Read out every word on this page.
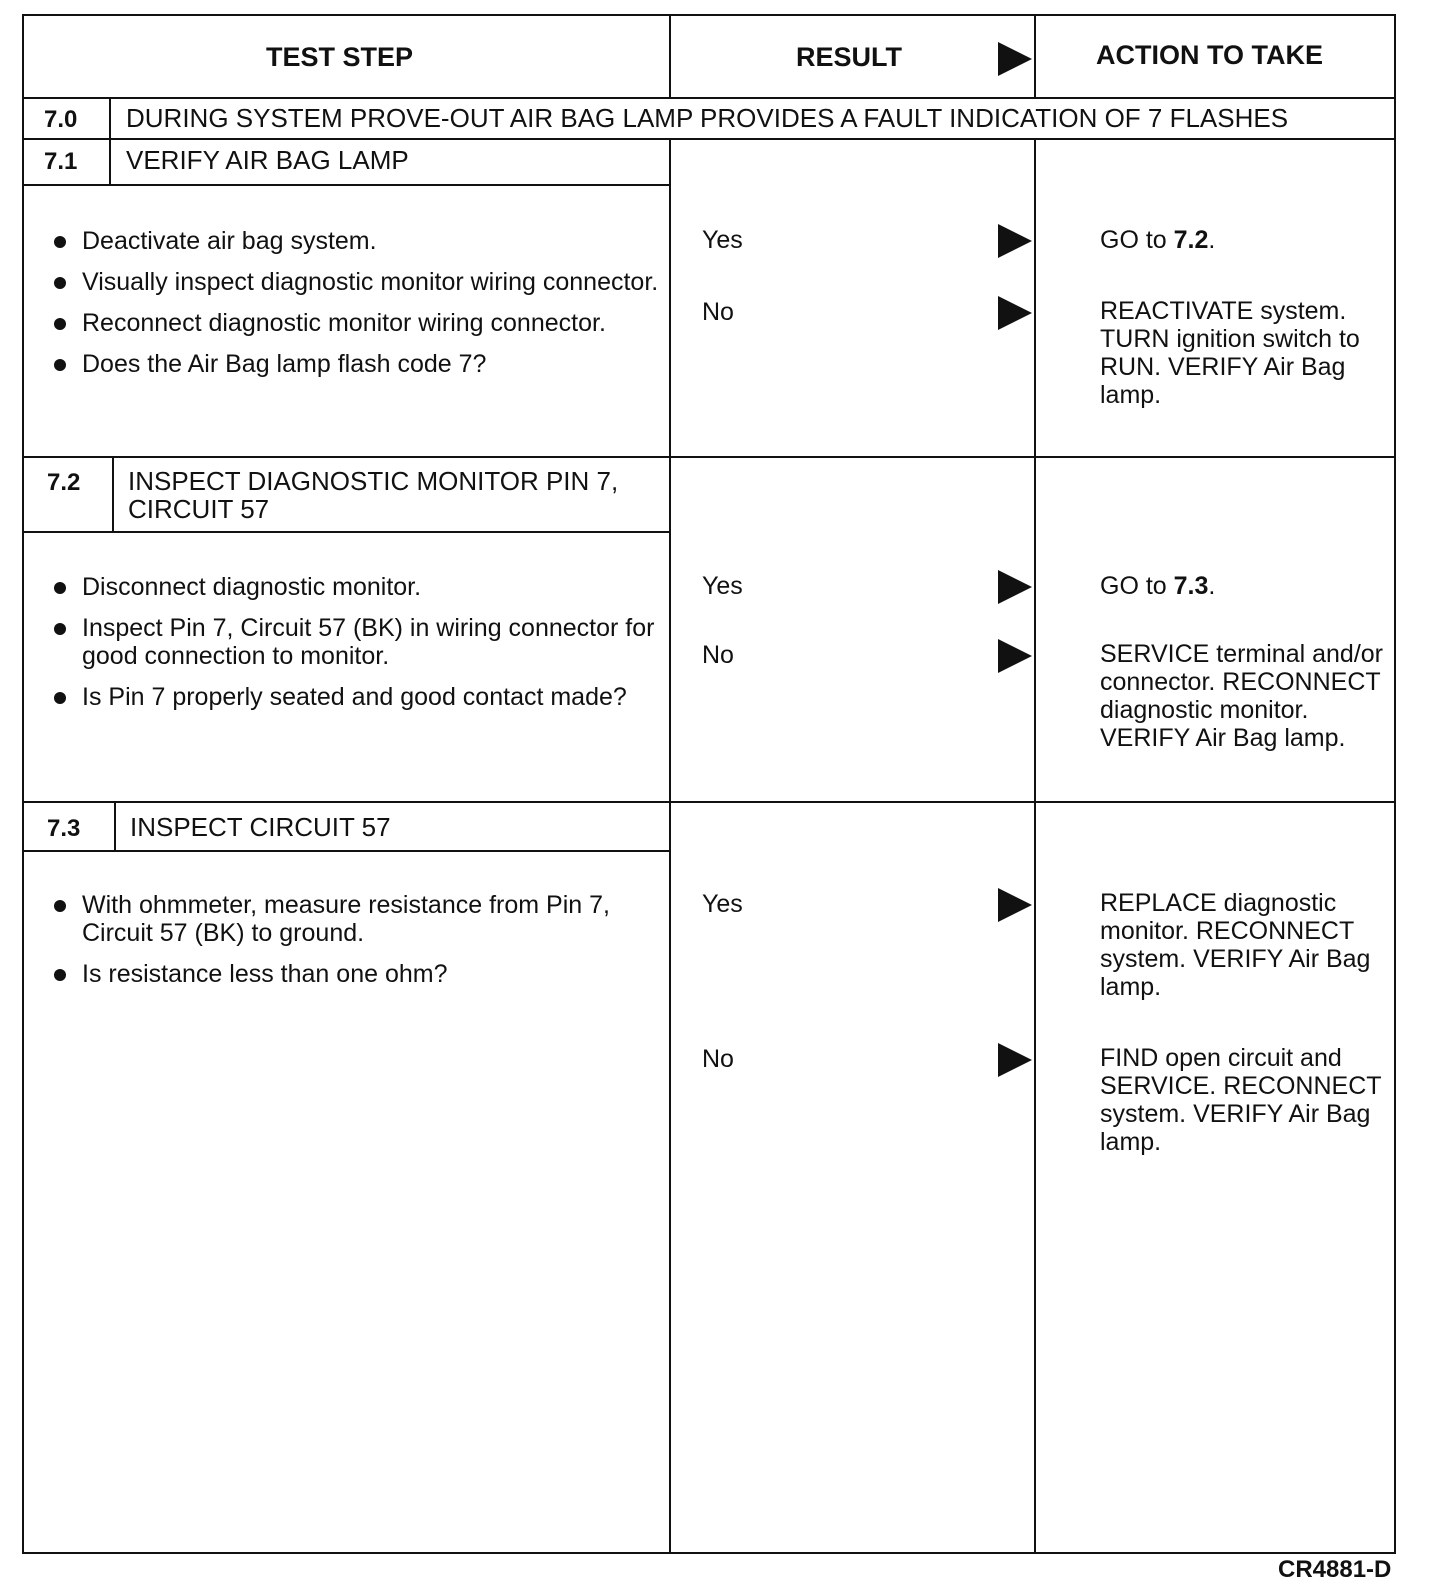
TEST STEP	RESULT	ACTION TO TAKE
7.0 DURING SYSTEM PROVE-OUT AIR BAG LAMP PROVIDES A FAULT INDICATION OF 7 FLASHES
7.1 VERIFY AIR BAG LAMP
Deactivate air bag system.
Visually inspect diagnostic monitor wiring connector.
Reconnect diagnostic monitor wiring connector.
Does the Air Bag lamp flash code 7?
Yes	GO to 7.2.
No	REACTIVATE system. TURN ignition switch to RUN. VERIFY Air Bag lamp.
7.2 INSPECT DIAGNOSTIC MONITOR PIN 7, CIRCUIT 57
Disconnect diagnostic monitor.
Inspect Pin 7, Circuit 57 (BK) in wiring connector for good connection to monitor.
Is Pin 7 properly seated and good contact made?
Yes	GO to 7.3.
No	SERVICE terminal and/or connector. RECONNECT diagnostic monitor. VERIFY Air Bag lamp.
7.3 INSPECT CIRCUIT 57
With ohmmeter, measure resistance from Pin 7, Circuit 57 (BK) to ground.
Is resistance less than one ohm?
Yes	REPLACE diagnostic monitor. RECONNECT system. VERIFY Air Bag lamp.
No	FIND open circuit and SERVICE. RECONNECT system. VERIFY Air Bag lamp.
CR4881-D
